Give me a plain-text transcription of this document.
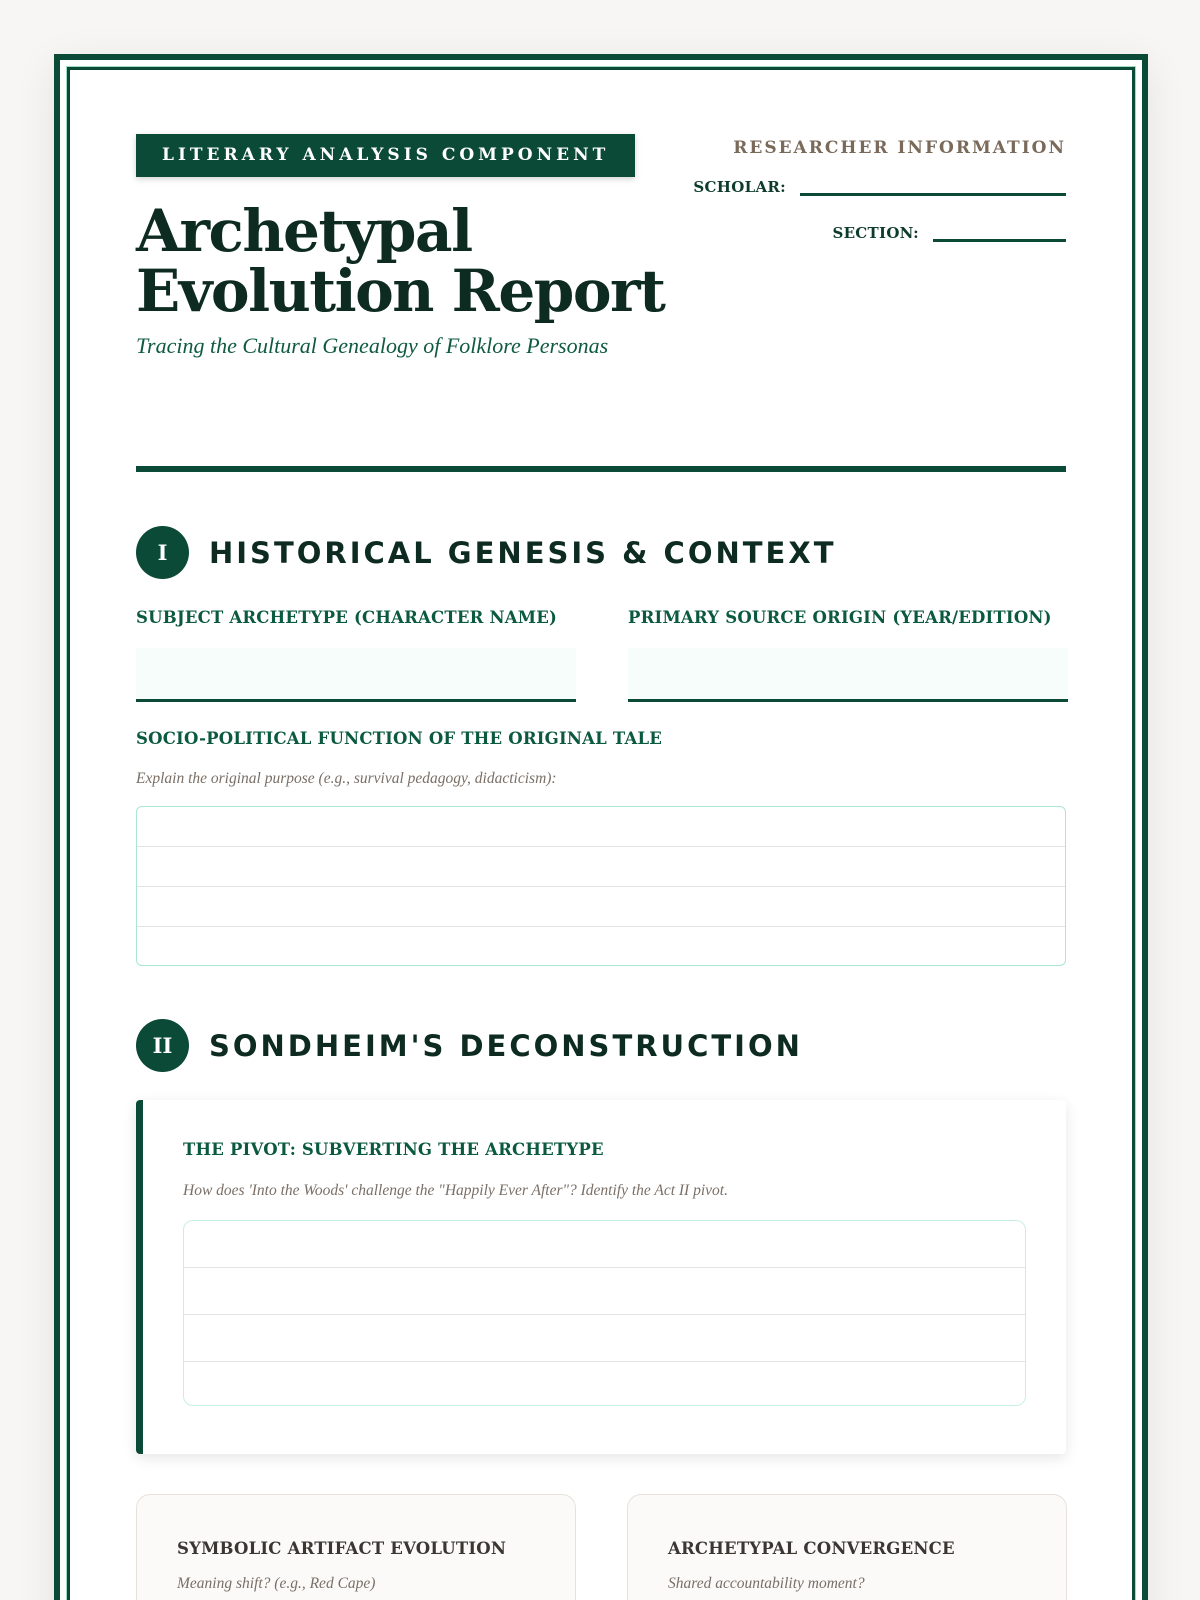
LITERARY ANALYSIS COMPONENT
Archetypal Evolution Report
Tracing the Cultural Genealogy of Folklore Personas
RESEARCHER INFORMATION
SCHOLAR:
SECTION:
I	HISTORICAL GENESIS & CONTEXT
SUBJECT ARCHETYPE (CHARACTER NAME)	PRIMARY SOURCE ORIGIN (YEAR/EDITION)
SOCIO-POLITICAL FUNCTION OF THE ORIGINAL TALE
Explain the original purpose (e.g., survival pedagogy, didacticism):
II	SONDHEIM'S DECONSTRUCTION
THE PIVOT: SUBVERTING THE ARCHETYPE
How does 'Into the Woods' challenge the "Happily Ever After"? Identify the Act II pivot.
SYMBOLIC ARTIFACT EVOLUTION
Meaning shift? (e.g., Red Cape)
ARCHETYPAL CONVERGENCE
Shared accountability moment?
